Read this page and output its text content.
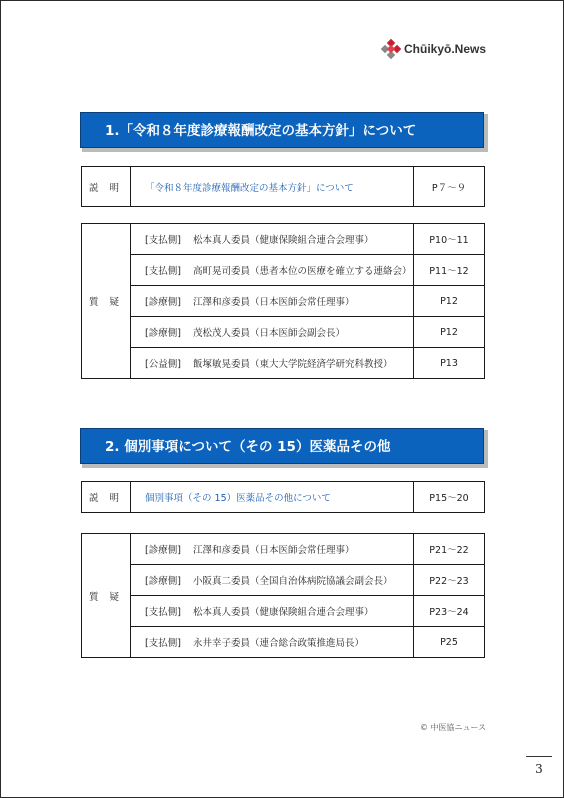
Chūikyō.News
1.「令和８年度診療報酬改定の基本方針」について
説 明	「令和８年度診療報酬改定の基本方針」について	P７～９
質 疑	[支払側] 松本真人委員（健康保険組合連合会理事）	P10～11
	[支払側] 高町晃司委員（患者本位の医療を確立する連絡会）	P11～12
	[診療側] 江澤和彦委員（日本医師会常任理事）	P12
	[診療側] 茂松茂人委員（日本医師会副会長）	P12
	[公益側] 飯塚敏晃委員（東大大学院経済学研究科教授）	P13
2. 個別事項について（その 15）医薬品その他
説 明	個別事項（その 15）医薬品その他について	P15～20
質 疑	[診療側] 江澤和彦委員（日本医師会常任理事）	P21～22
	[診療側] 小阪真二委員（全国自治体病院協議会副会長）	P22～23
	[支払側] 松本真人委員（健康保険組合連合会理事）	P23～24
	[支払側] 永井幸子委員（連合総合政策推進局長）	P25
© 中医協ニュース
3
